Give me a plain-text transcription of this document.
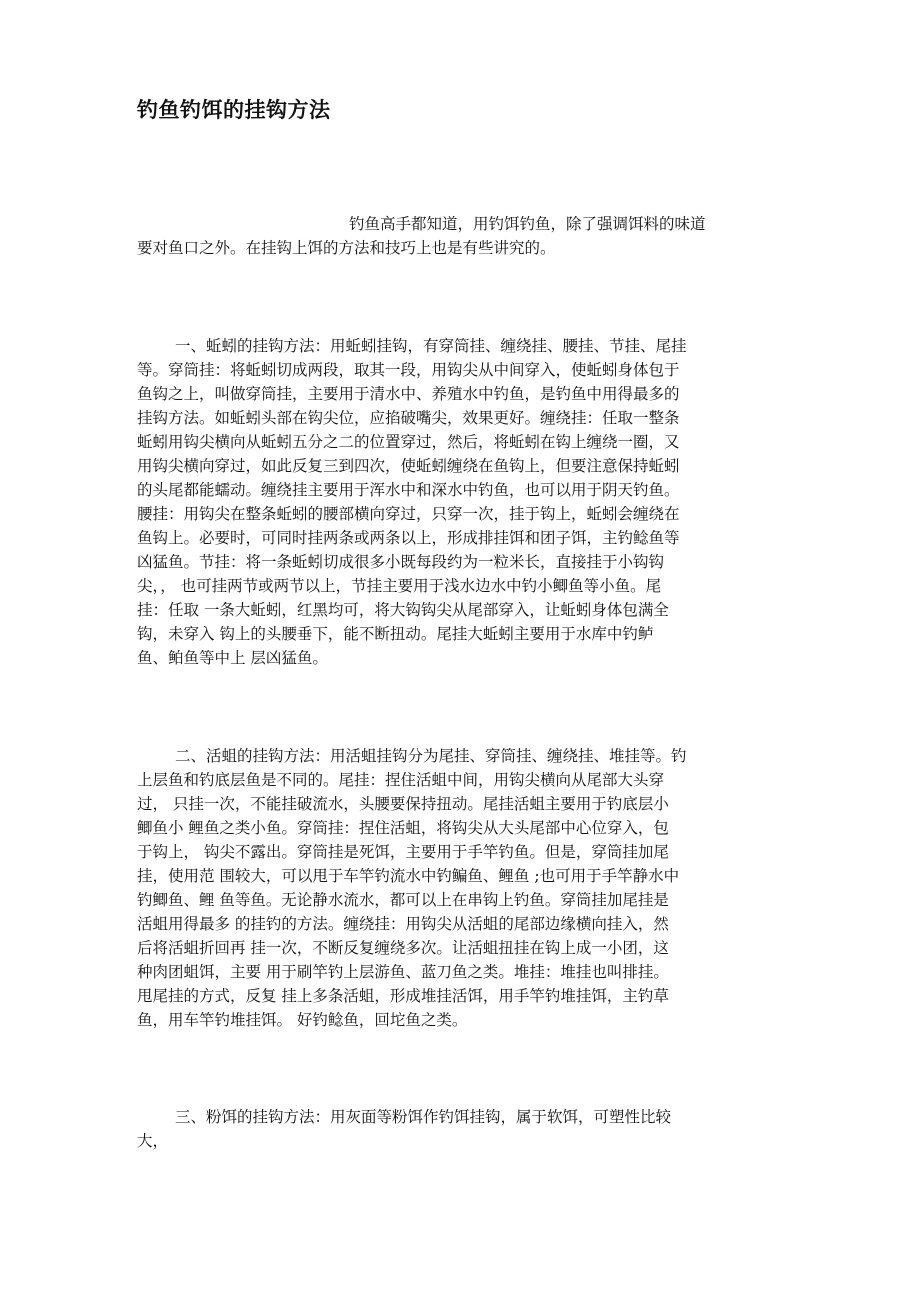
钓鱼钓饵的挂钩方法

钓鱼高手都知道，用钓饵钓鱼，除了强调饵料的味道
要对鱼口之外。在挂钩上饵的方法和技巧上也是有些讲究的。

一、蚯蚓的挂钩方法：用蚯蚓挂钩，有穿筒挂、缠绕挂、腰挂、节挂、尾挂
等。穿筒挂：将蚯蚓切成两段，取其一段，用钩尖从中间穿入，使蚯蚓身体包于
鱼钩之上，叫做穿筒挂，主要用于清水中、养殖水中钓鱼，是钓鱼中用得最多的
挂钩方法。如蚯蚓头部在钩尖位，应掐破嘴尖，效果更好。缠绕挂：任取一整条
蚯蚓用钩尖横向从蚯蚓五分之二的位置穿过，然后，将蚯蚓在钩上缠绕一圈，又
用钩尖横向穿过，如此反复三到四次，使蚯蚓缠绕在鱼钩上，但要注意保持蚯蚓
的头尾都能蠕动。缠绕挂主要用于浑水中和深水中钓鱼，也可以用于阴天钓鱼。
腰挂：用钩尖在整条蚯蚓的腰部横向穿过，只穿一次，挂于钩上，蚯蚓会缠绕在
鱼钩上。必要时，可同时挂两条或两条以上，形成排挂饵和团子饵，主钓鲶鱼等
凶猛鱼。节挂：将一条蚯蚓切成很多小既每段约为一粒米长，直接挂于小钩钩
尖，， 也可挂两节或两节以上，节挂主要用于浅水边水中钓小鲫鱼等小鱼。尾
挂：任取 一条大蚯蚓，红黑均可，将大钩钩尖从尾部穿入，让蚯蚓身体包满全
钩，未穿入 钩上的头腰垂下，能不断扭动。尾挂大蚯蚓主要用于水库中钓鲈
鱼、鲌鱼等中上 层凶猛鱼。

二、活蛆的挂钩方法：用活蛆挂钩分为尾挂、穿筒挂、缠绕挂、堆挂等。钓
上层鱼和钓底层鱼是不同的。尾挂：捏住活蛆中间，用钩尖横向从尾部大头穿
过， 只挂一次，不能挂破流水，头腰要保持扭动。尾挂活蛆主要用于钓底层小
鲫鱼小 鲤鱼之类小鱼。穿筒挂：捏住活蛆，将钩尖从大头尾部中心位穿入，包
于钩上， 钩尖不露出。穿筒挂是死饵，主要用于手竿钓鱼。但是，穿筒挂加尾
挂，使用范 围较大，可以甩于车竿钓流水中钓鳊鱼、鲤鱼 ;也可用于手竿静水中
钓鲫鱼、鲤 鱼等鱼。无论静水流水，都可以上在串钩上钓鱼。穿筒挂加尾挂是
活蛆用得最多 的挂钓的方法。缠绕挂：用钩尖从活蛆的尾部边缘横向挂入，然
后将活蛆折回再 挂一次，不断反复缠绕多次。让活蛆扭挂在钩上成一小团，这
种肉团蛆饵，主要 用于刷竿钓上层游鱼、蓝刀鱼之类。堆挂：堆挂也叫排挂。
甩尾挂的方式，反复 挂上多条活蛆，形成堆挂活饵，用手竿钓堆挂饵，主钓草
鱼，用车竿钓堆挂饵。 好钓鲶鱼，回坨鱼之类。

三、粉饵的挂钩方法：用灰面等粉饵作钓饵挂钩，属于软饵，可塑性比较
大，
